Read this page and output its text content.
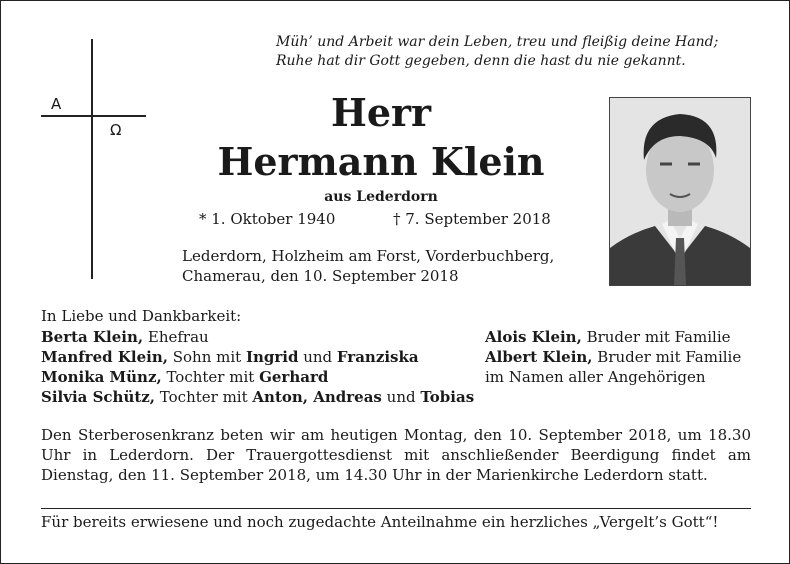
Müh’ und Arbeit war dein Leben, treu und fleißig deine Hand;
Ruhe hat dir Gott gegeben, denn die hast du nie gekannt.
A
Ω	Herr
Hermann Klein
aus Lederdorn
* 1. Oktober 1940	† 7. September 2018
Lederdorn, Holzheim am Forst, Vorderbuchberg,
Chamerau, den 10. September 2018
In Liebe und Dankbarkeit:
Berta Klein, Ehefrau
Manfred Klein, Sohn mit Ingrid und Franziska
Monika Münz, Tochter mit Gerhard
Silvia Schütz, Tochter mit Anton, Andreas und Tobias
Alois Klein, Bruder mit Familie
Albert Klein, Bruder mit Familie
im Namen aller Angehörigen
Den Sterberosenkranz beten wir am heutigen Montag, den 10. September 2018, um 18.30 Uhr in Lederdorn. Der Trauergottesdienst mit anschließender Beerdigung findet am Dienstag, den 11. September 2018, um 14.30 Uhr in der Marienkirche Lederdorn statt.
Für bereits erwiesene und noch zugedachte Anteilnahme ein herzliches „Vergelt’s Gott“!
